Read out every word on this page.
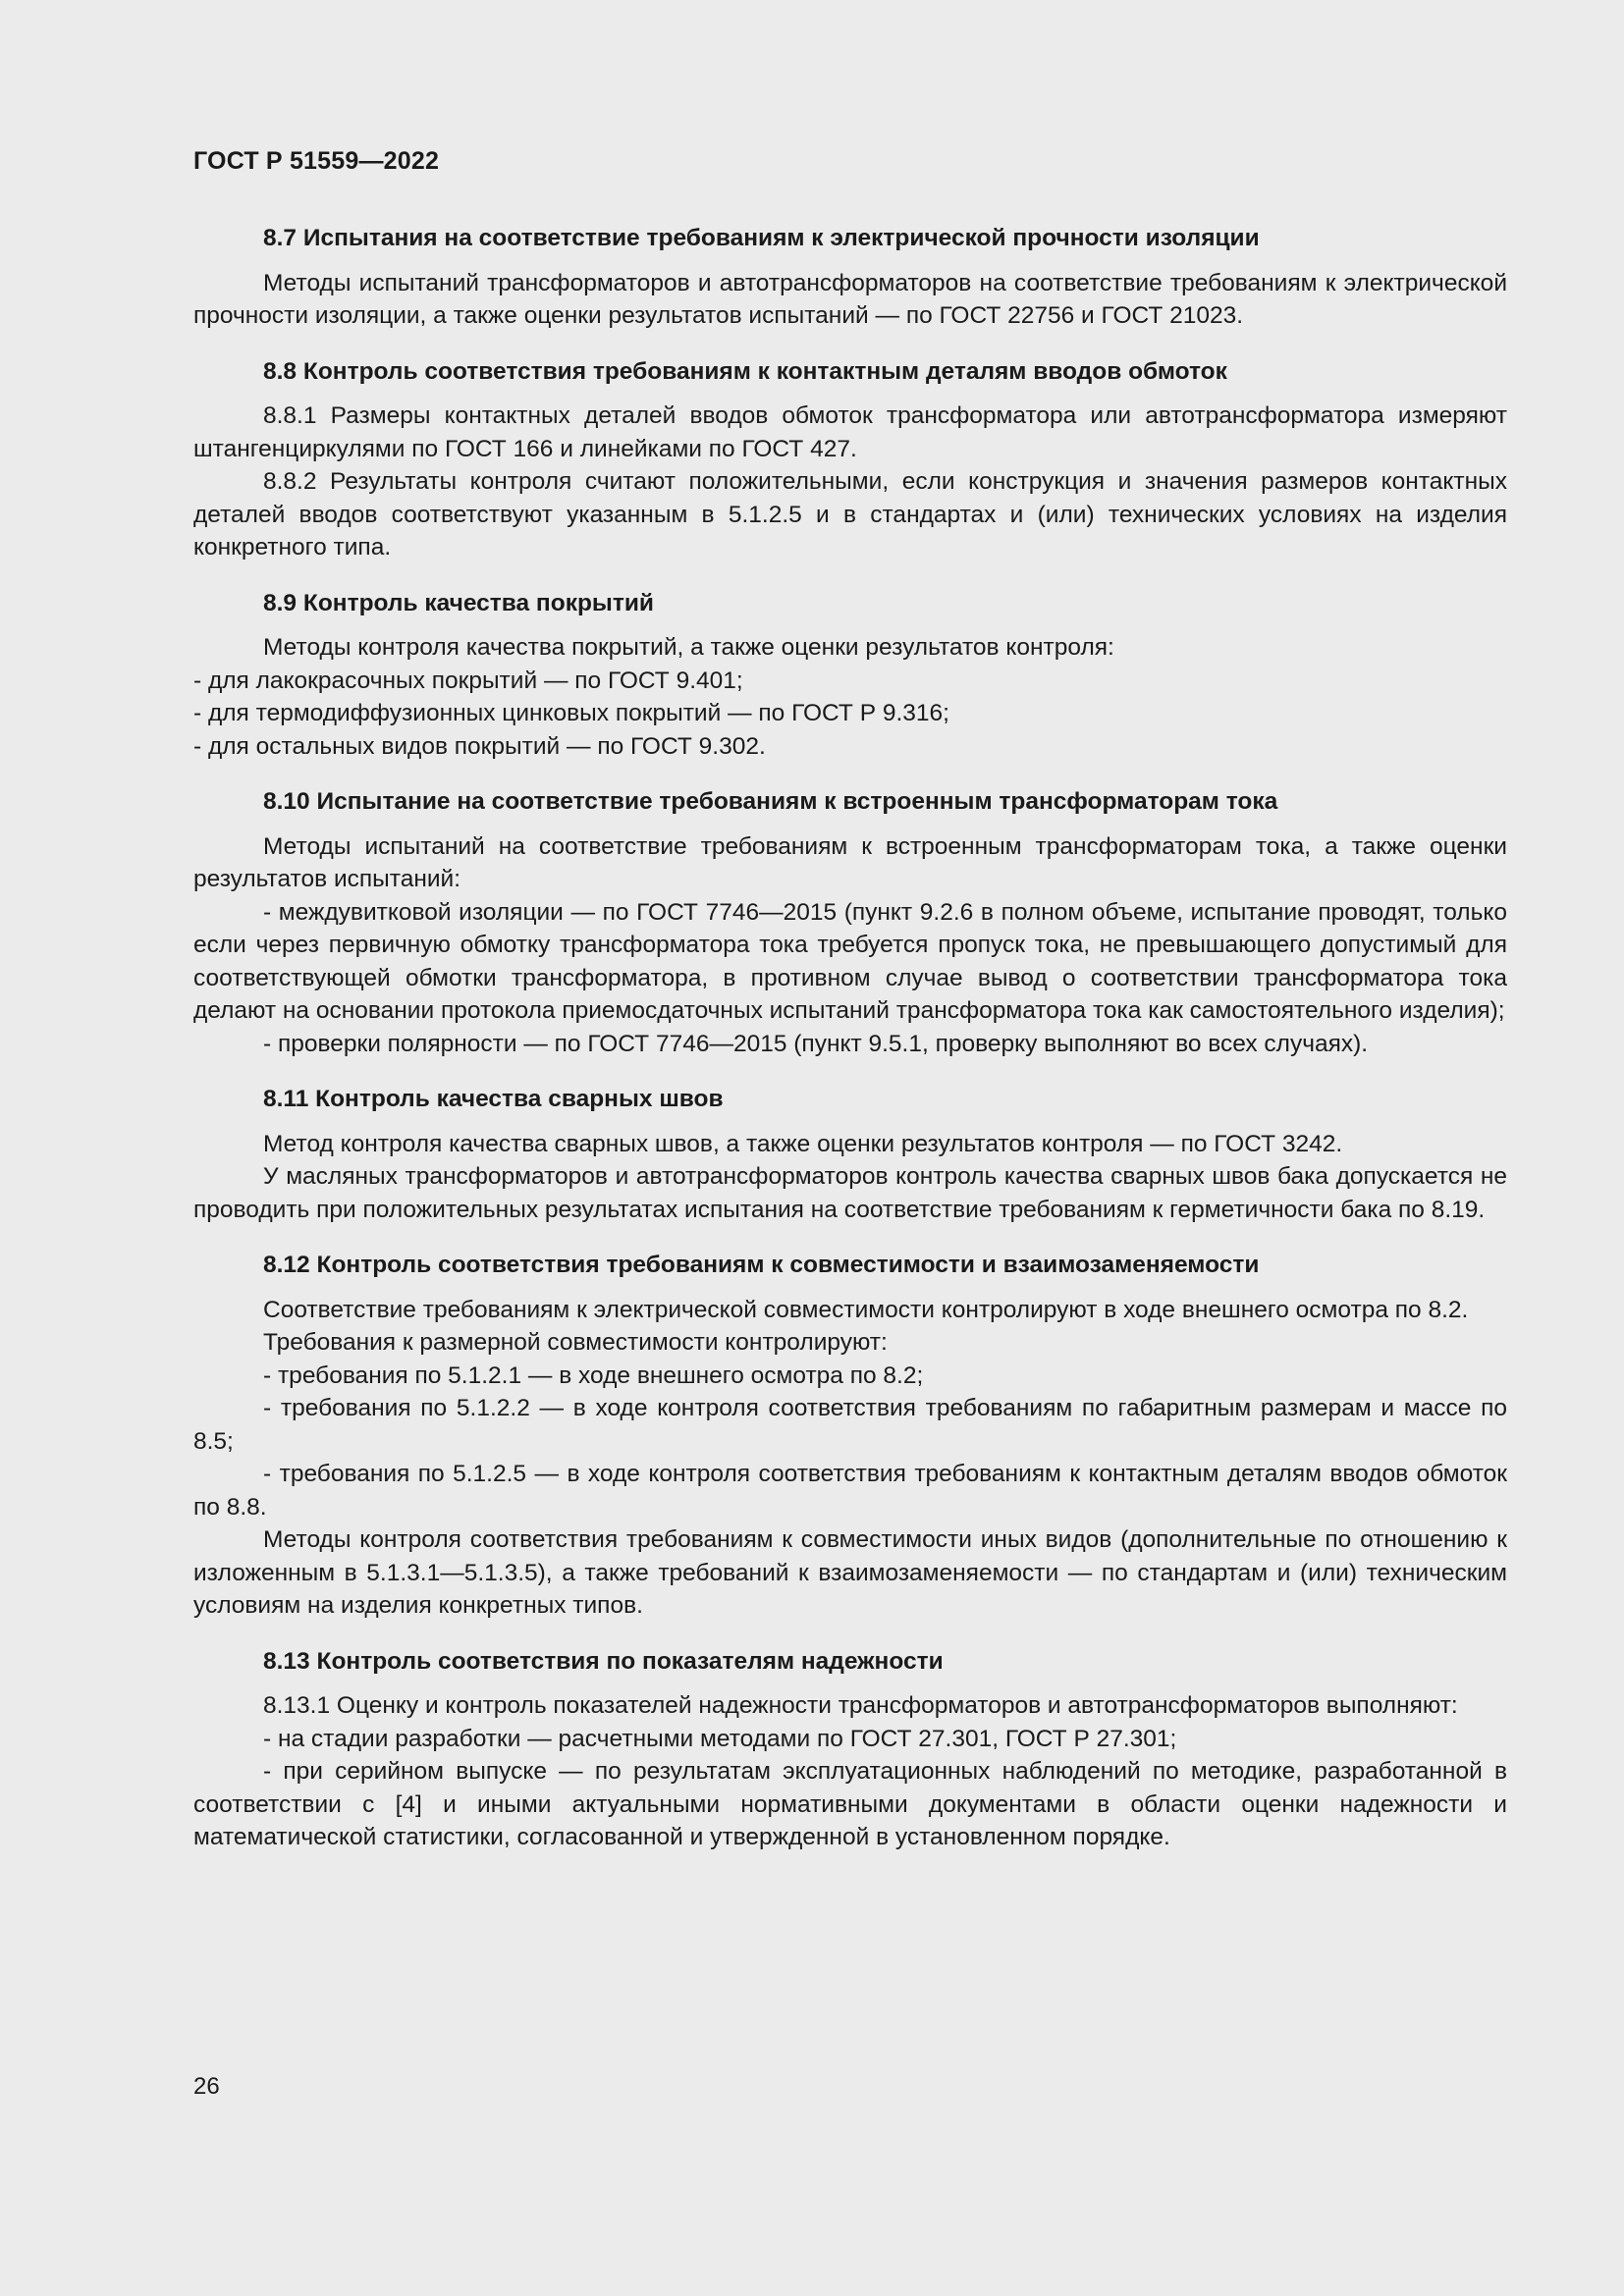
ГОСТ Р 51559—2022

8.7 Испытания на соответствие требованиям к электрической прочности изоляции

Методы испытаний трансформаторов и автотрансформаторов на соответствие требованиям к электрической прочности изоляции, а также оценки результатов испытаний — по ГОСТ 22756 и ГОСТ 21023.

8.8 Контроль соответствия требованиям к контактным деталям вводов обмоток

8.8.1 Размеры контактных деталей вводов обмоток трансформатора или автотрансформатора измеряют штангенциркулями по ГОСТ 166 и линейками по ГОСТ 427.

8.8.2 Результаты контроля считают положительными, если конструкция и значения размеров контактных деталей вводов соответствуют указанным в 5.1.2.5 и в стандартах и (или) технических условиях на изделия конкретного типа.

8.9 Контроль качества покрытий

Методы контроля качества покрытий, а также оценки результатов контроля:

- для лакокрасочных покрытий — по ГОСТ 9.401;

- для термодиффузионных цинковых покрытий — по ГОСТ Р 9.316;

- для остальных видов покрытий — по ГОСТ 9.302.

8.10 Испытание на соответствие требованиям к встроенным трансформаторам тока

Методы испытаний на соответствие требованиям к встроенным трансформаторам тока, а также оценки результатов испытаний:

- междувитковой изоляции — по ГОСТ 7746—2015 (пункт 9.2.6 в полном объеме, испытание проводят, только если через первичную обмотку трансформатора тока требуется пропуск тока, не превышающего допустимый для соответствующей обмотки трансформатора, в противном случае вывод о соответствии трансформатора тока делают на основании протокола приемосдаточных испытаний трансформатора тока как самостоятельного изделия);

- проверки полярности — по ГОСТ 7746—2015 (пункт 9.5.1, проверку выполняют во всех случаях).

8.11 Контроль качества сварных швов

Метод контроля качества сварных швов, а также оценки результатов контроля — по ГОСТ 3242.

У масляных трансформаторов и автотрансформаторов контроль качества сварных швов бака допускается не проводить при положительных результатах испытания на соответствие требованиям к герметичности бака по 8.19.

8.12 Контроль соответствия требованиям к совместимости и взаимозаменяемости

Соответствие требованиям к электрической совместимости контролируют в ходе внешнего осмотра по 8.2.

Требования к размерной совместимости контролируют:

- требования по 5.1.2.1 — в ходе внешнего осмотра по 8.2;

- требования по 5.1.2.2 — в ходе контроля соответствия требованиям по габаритным размерам и массе по 8.5;

- требования по 5.1.2.5 — в ходе контроля соответствия требованиям к контактным деталям вводов обмоток по 8.8.

Методы контроля соответствия требованиям к совместимости иных видов (дополнительные по отношению к изложенным в 5.1.3.1—5.1.3.5), а также требований к взаимозаменяемости — по стандартам и (или) техническим условиям на изделия конкретных типов.

8.13 Контроль соответствия по показателям надежности

8.13.1 Оценку и контроль показателей надежности трансформаторов и автотрансформаторов выполняют:

- на стадии разработки — расчетными методами по ГОСТ 27.301, ГОСТ Р 27.301;

- при серийном выпуске — по результатам эксплуатационных наблюдений по методике, разработанной в соответствии с [4] и иными актуальными нормативными документами в области оценки надежности и математической статистики, согласованной и утвержденной в установленном порядке.

26
